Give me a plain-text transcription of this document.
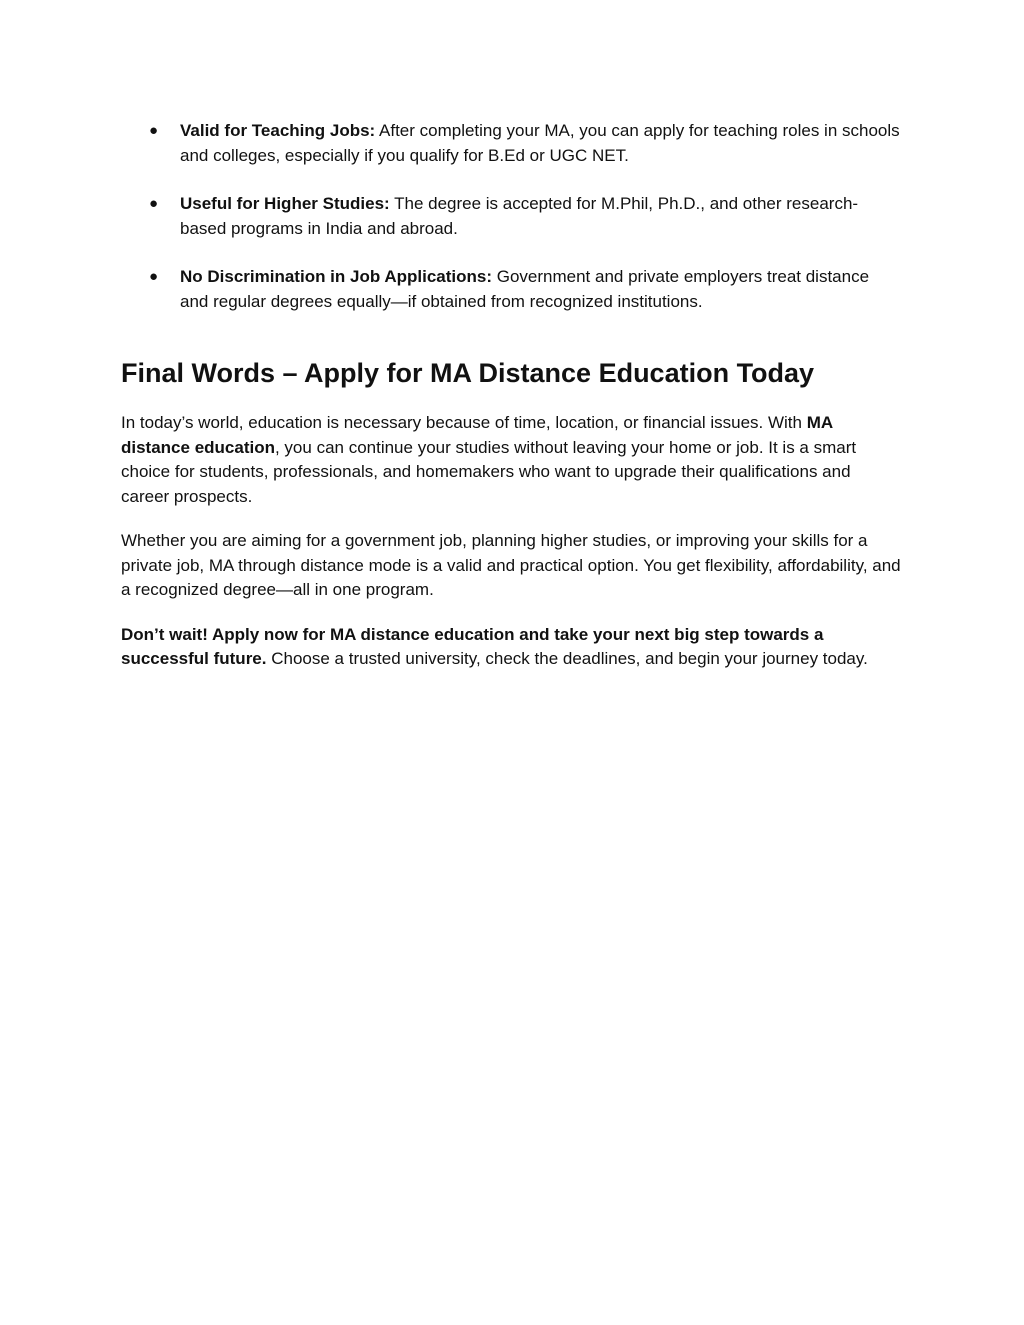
● Valid for Teaching Jobs: After completing your MA, you can apply for teaching roles in schools and colleges, especially if you qualify for B.Ed or UGC NET.
● Useful for Higher Studies: The degree is accepted for M.Phil, Ph.D., and other research-based programs in India and abroad.
● No Discrimination in Job Applications: Government and private employers treat distance and regular degrees equally—if obtained from recognized institutions.
Final Words – Apply for MA Distance Education Today

In today’s world, education is necessary because of time, location, or financial issues. With MA distance education, you can continue your studies without leaving your home or job. It is a smart choice for students, professionals, and homemakers who want to upgrade their qualifications and career prospects.

Whether you are aiming for a government job, planning higher studies, or improving your skills for a private job, MA through distance mode is a valid and practical option. You get flexibility, affordability, and a recognized degree—all in one program.

Don’t wait! Apply now for MA distance education and take your next big step towards a successful future. Choose a trusted university, check the deadlines, and begin your journey today.
